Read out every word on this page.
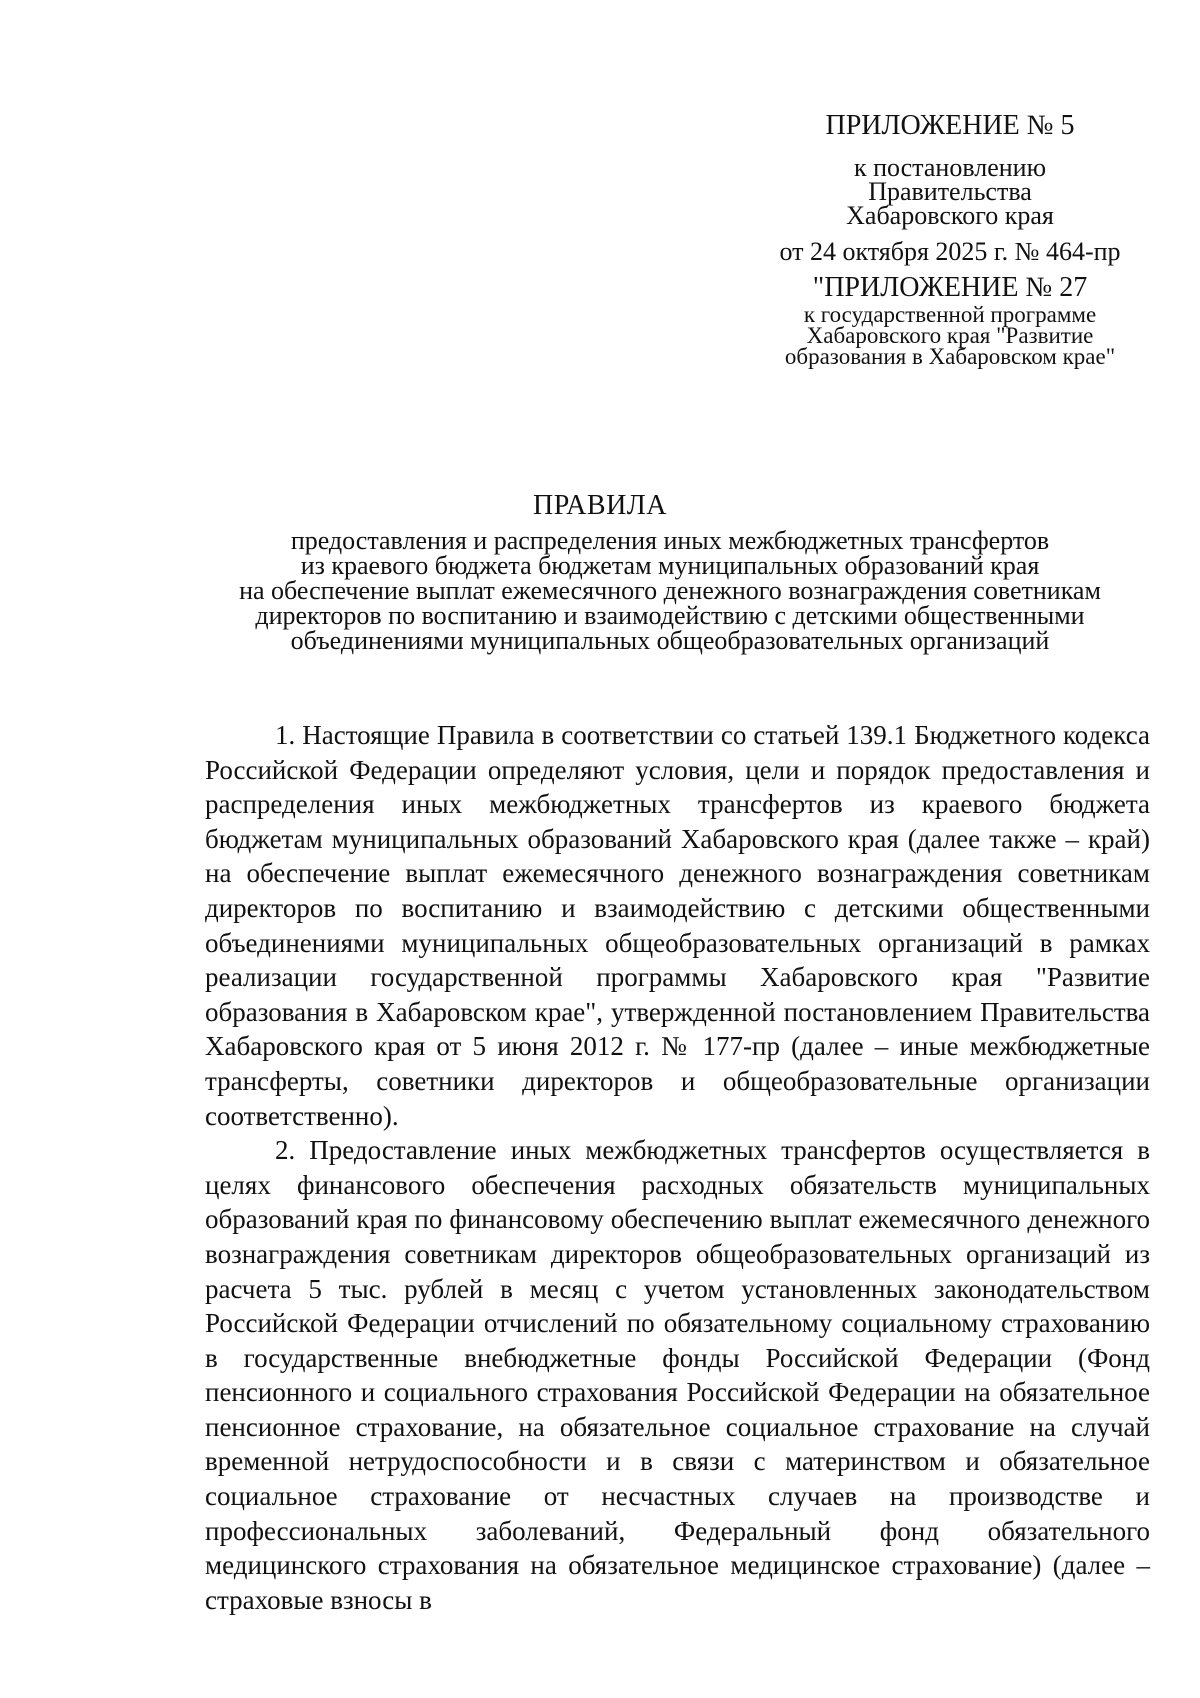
ПРИЛОЖЕНИЕ № 5
к постановлению
Правительства
Хабаровского края
от 24 октября 2025 г. № 464-пр
"ПРИЛОЖЕНИЕ № 27
к государственной программе
Хабаровского края "Развитие
образования в Хабаровском крае"
ПРАВИЛА
предоставления и распределения иных межбюджетных трансфертов
из краевого бюджета бюджетам муниципальных образований края
на обеспечение выплат ежемесячного денежного вознаграждения советникам
директоров по воспитанию и взаимодействию с детскими общественными
объединениями муниципальных общеобразовательных организаций

1. Настоящие Правила в соответствии со статьей 139.1 Бюджетного кодекса Российской Федерации определяют условия, цели и порядок предоставления и распределения иных межбюджетных трансфертов из краевого бюджета бюджетам муниципальных образований Хабаровского края (далее также – край) на обеспечение выплат ежемесячного денежного вознаграждения советникам директоров по воспитанию и взаимодействию с детскими общественными объединениями муниципальных общеобразовательных организаций в рамках реализации государственной программы Хабаровского края "Развитие образования в Хабаровском крае", утвержденной постановлением Правительства Хабаровского края от 5 июня 2012 г. № 177-пр (далее – иные межбюджетные трансферты, советники директоров и общеобразовательные организации соответственно).

2. Предоставление иных межбюджетных трансфертов осуществляется в целях финансового обеспечения расходных обязательств муниципальных образований края по финансовому обеспечению выплат ежемесячного денежного вознаграждения советникам директоров общеобразовательных организаций из расчета 5 тыс. рублей в месяц с учетом установленных законодательством Российской Федерации отчислений по обязательному социальному страхованию в государственные внебюджетные фонды Российской Федерации (Фонд пенсионного и социального страхования Российской Федерации на обязательное пенсионное страхование, на обязательное социальное страхование на случай временной нетрудоспособности и в связи с материнством и обязательное социальное страхование от несчастных случаев на производстве и профессиональных заболеваний, Федеральный фонд обязательного медицинского страхования на обязательное медицинское страхование) (далее – страховые взносы в
